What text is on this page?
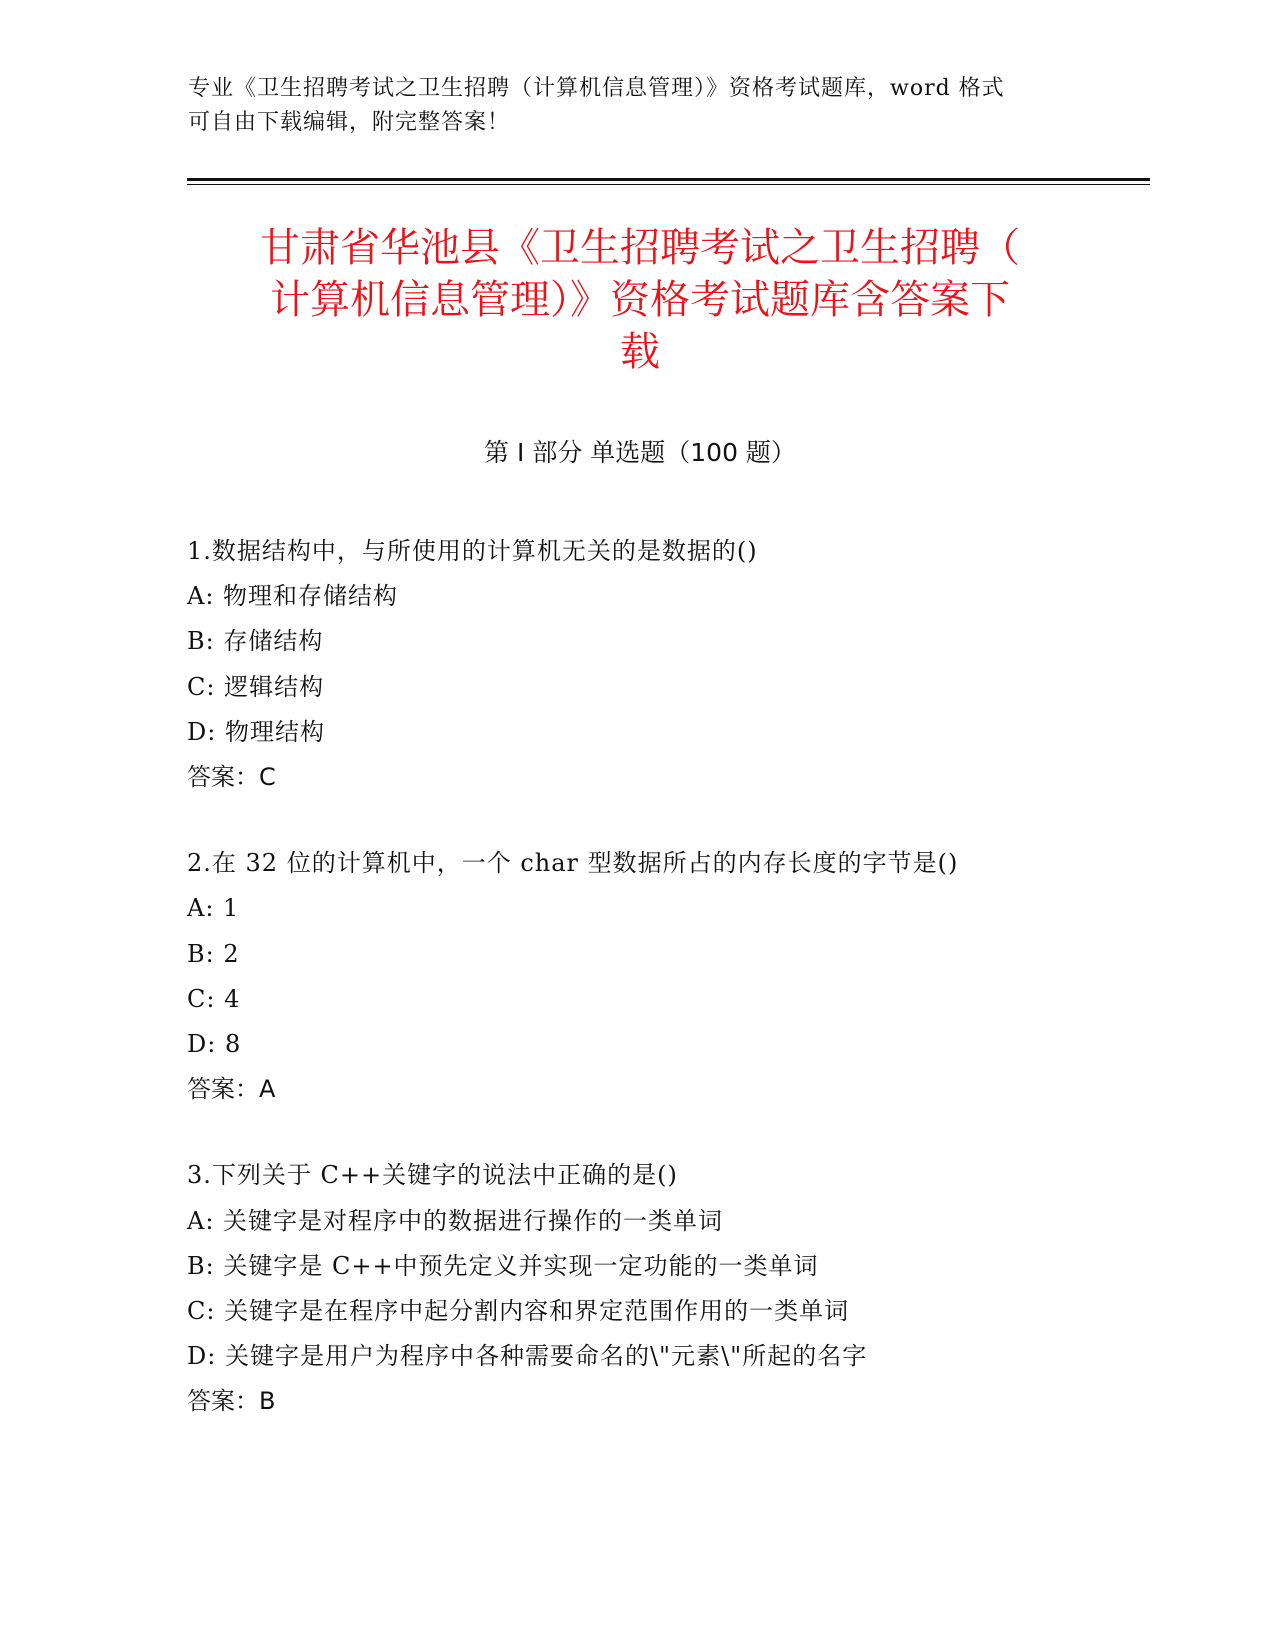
专业《卫生招聘考试之卫生招聘（计算机信息管理）》资格考试题库，word 格式

可自由下载编辑，附完整答案！

甘肃省华池县《卫生招聘考试之卫生招聘（
计算机信息管理）》资格考试题库含答案下
载
第 I 部分 单选题（100 题）

1.数据结构中，与所使用的计算机无关的是数据的()

A: 物理和存储结构

B: 存储结构

C: 逻辑结构

D: 物理结构

答案：C

2.在 32 位的计算机中，一个 char 型数据所占的内存长度的字节是()

A: 1

B: 2

C: 4

D: 8

答案：A

3.下列关于 C++关键字的说法中正确的是()

A: 关键字是对程序中的数据进行操作的一类单词

B: 关键字是 C++中预先定义并实现一定功能的一类单词

C: 关键字是在程序中起分割内容和界定范围作用的一类单词

D: 关键字是用户为程序中各种需要命名的\"元素\"所起的名字

答案：B
